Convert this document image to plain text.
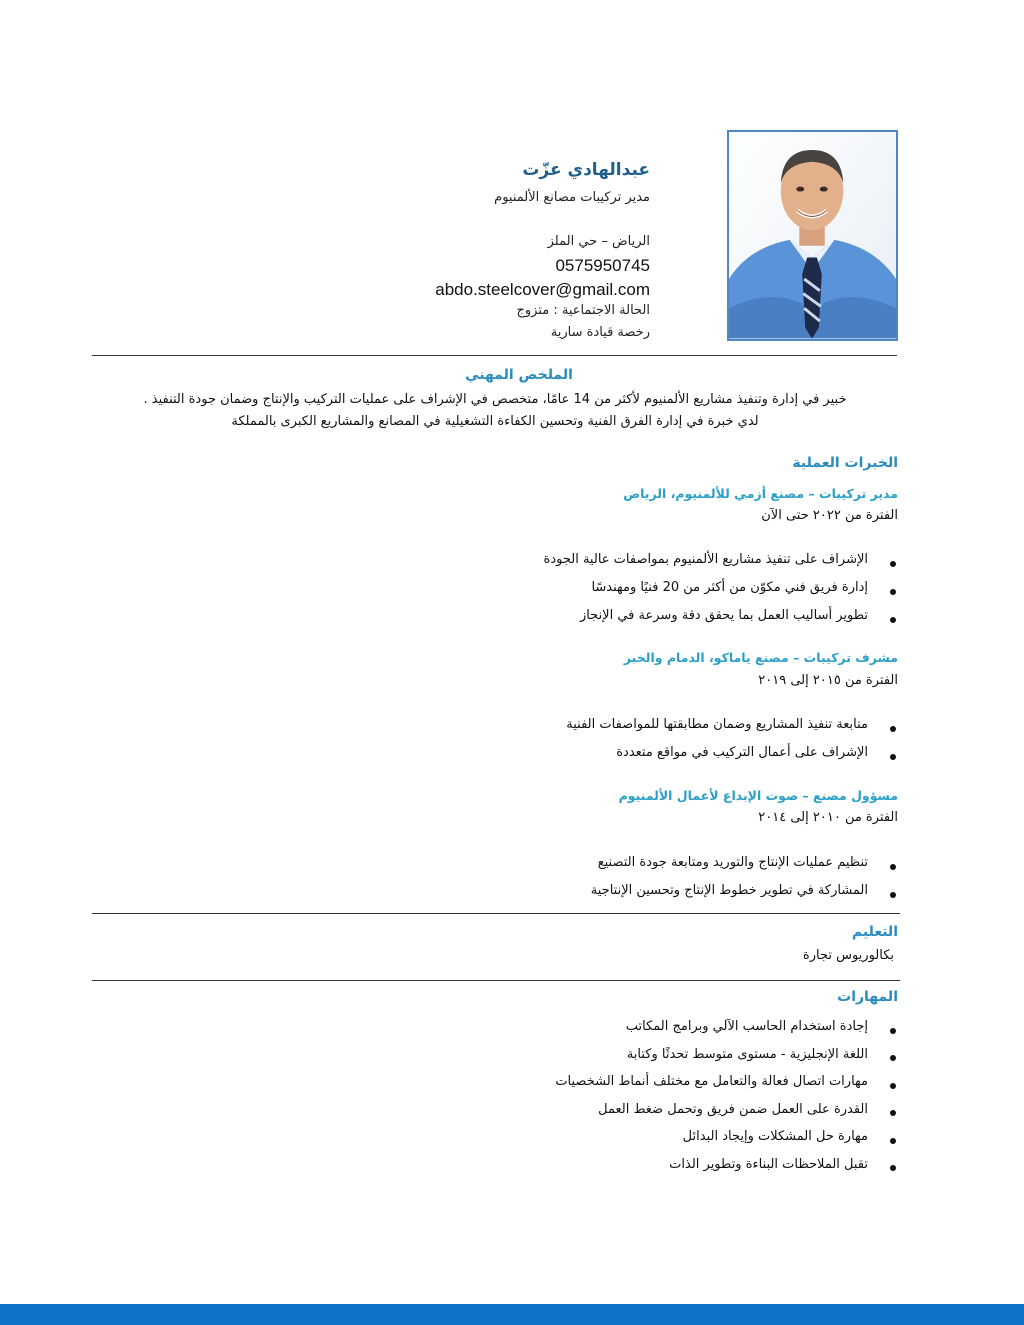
عبدالهادي عزّت
مدير تركيبات مصانع الألمنيوم
الرياض – حي الملز
0575950745
abdo.steelcover@gmail.com
الحالة الاجتماعية : متزوج
رخصة قيادة سارية
الملخص المهني
خبير في إدارة وتنفيذ مشاريع الألمنيوم لأكثر من 14 عامًا، متخصص في الإشراف على عمليات التركيب والإنتاج وضمان جودة التنفيذ .
لدي خبرة في إدارة الفرق الفنية وتحسين الكفاءة التشغيلية في المصانع والمشاريع الكبرى بالمملكة
الخبرات العملية
مدير تركيبات – مصنع أزمي للألمنيوم، الرياض
الفترة من ٢٠٢٢ حتى الآن
الإشراف على تنفيذ مشاريع الألمنيوم بمواصفات عالية الجودة
إدارة فريق فني مكوّن من أكثر من 20 فنيًا ومهندسًا
تطوير أساليب العمل بما يحقق دقة وسرعة في الإنجاز
مشرف تركيبات – مصنع ياماكو، الدمام والخبر
الفترة من ٢٠١٥ إلى ٢٠١٩
متابعة تنفيذ المشاريع وضمان مطابقتها للمواصفات الفنية
الإشراف على أعمال التركيب في مواقع متعددة
مسؤول مصنع – صوت الإبداع لأعمال الألمنيوم
الفترة من ٢٠١٠ إلى ٢٠١٤
تنظيم عمليات الإنتاج والتوريد ومتابعة جودة التصنيع
المشاركة في تطوير خطوط الإنتاج وتحسين الإنتاجية
التعليم
بكالوريوس تجارة
المهارات
إجادة استخدام الحاسب الآلي وبرامج المكاتب
اللغة الإنجليزية - مستوى متوسط تحدثًا وكتابة
مهارات اتصال فعالة والتعامل مع مختلف أنماط الشخصيات
القدرة على العمل ضمن فريق وتحمل ضغط العمل
مهارة حل المشكلات وإيجاد البدائل
تقبل الملاحظات البناءة وتطوير الذات
